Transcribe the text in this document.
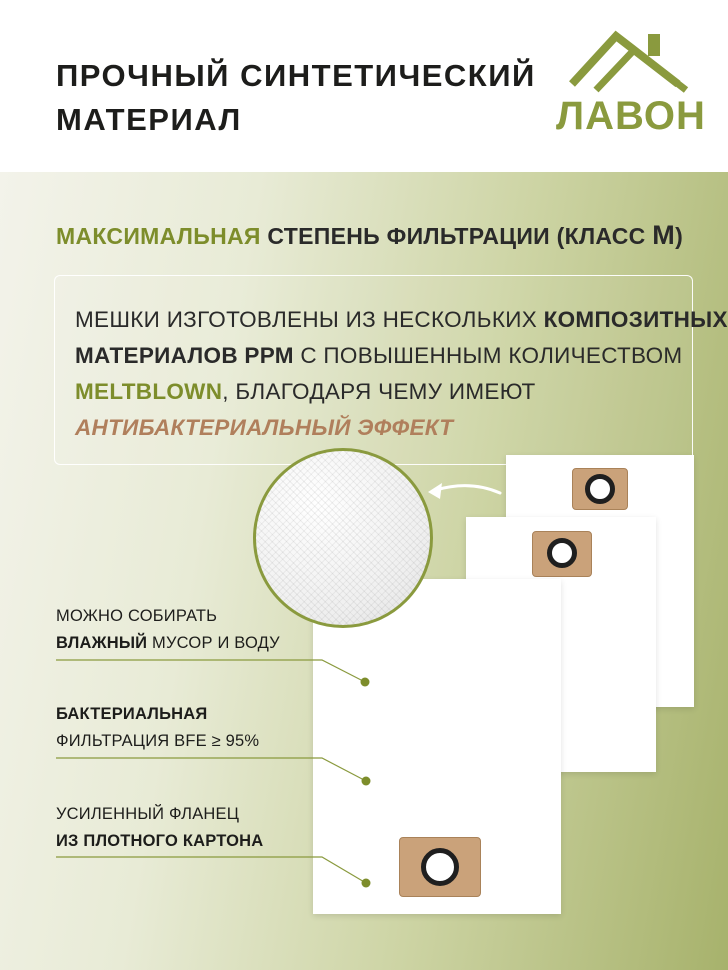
ПРОЧНЫЙ СИНТЕТИЧЕСКИЙ
МАТЕРИАЛ	ЛАВОН
МАКСИМАЛЬНАЯ СТЕПЕНЬ ФИЛЬТРАЦИИ (КЛАСС M)
МЕШКИ ИЗГОТОВЛЕНЫ ИЗ НЕСКОЛЬКИХ КОМПОЗИТНЫХ
МАТЕРИАЛОВ РРМ С ПОВЫШЕННЫМ КОЛИЧЕСТВОМ
MELTBLOWN, БЛАГОДАРЯ ЧЕМУ ИМЕЮТ
АНТИБАКТЕРИАЛЬНЫЙ ЭФФЕКТ
МОЖНО СОБИРАТЬ
ВЛАЖНЫЙ МУСОР И ВОДУ
БАКТЕРИАЛЬНАЯ
ФИЛЬТРАЦИЯ BFE ≥ 95%
УСИЛЕННЫЙ ФЛАНЕЦ
ИЗ ПЛОТНОГО КАРТОНА
